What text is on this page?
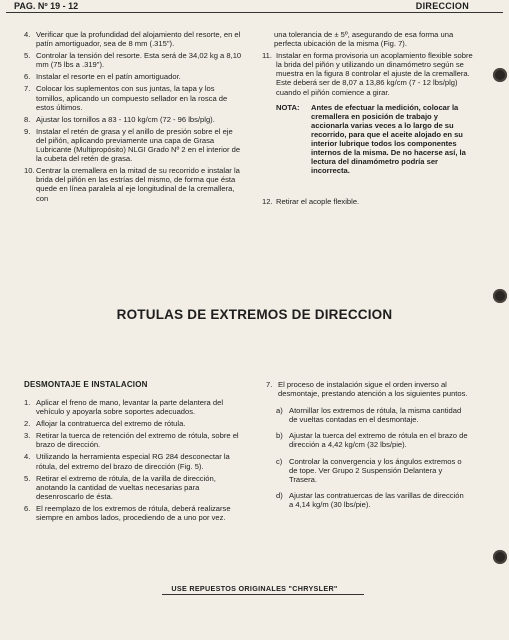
PAG. Nº 19 - 12	DIRECCION
4. Verificar que la profundidad del alojamiento del resorte, en el patín amortiguador, sea de 8 mm (.315").
5. Controlar la tensión del resorte. Esta será de 34,02 kg a 8,10 mm (75 lbs a .319").
6. Instalar el resorte en el patín amortiguador.
7. Colocar los suplementos con sus juntas, la tapa y los tornillos, aplicando un compuesto sellador en la rosca de estos últimos.
8. Ajustar los tornillos a 83 - 110 kg/cm (72 - 96 lbs/plg).
9. Instalar el retén de grasa y el anillo de presión sobre el eje del piñón, aplicando previamente una capa de Grasa Lubricante (Multipropósito) NLGI Grado Nº 2 en el interior de la cubeta del retén de grasa.
10. Centrar la cremallera en la mitad de su recorrido e instalar la brida del piñón en las estrías del mismo, de forma que ésta quede en línea paralela al eje longitudinal de la cremallera, con
una tolerancia de ± 5º, asegurando de esa forma una perfecta ubicación de la misma (Fig. 7).
11. Instalar en forma provisoria un acoplamiento flexible sobre la brida del piñón y utilizando un dinamómetro según se muestra en la figura 8 controlar el ajuste de la cremallera. Este deberá ser de 8,07 a 13,86 kg/cm (7 - 12 lbs/plg) cuando el piñón comience a girar.
NOTA:	Antes de efectuar la medición, colocar la cremallera en posición de trabajo y accionarla varias veces a lo largo de su recorrido, para que el aceite alojado en su interior lubrique todos los componentes internos de la misma. De no hacerse así, la lectura del dinamómetro podría ser incorrecta.
12. Retirar el acople flexible.
ROTULAS DE EXTREMOS DE DIRECCION
DESMONTAJE E INSTALACION
1. Aplicar el freno de mano, levantar la parte delantera del vehículo y apoyarla sobre soportes adecuados.
2. Aflojar la contratuerca del extremo de rótula.
3. Retirar la tuerca de retención del extremo de rótula, sobre el brazo de dirección.
4. Utilizando la herramienta especial RG 284 desconectar la rótula, del extremo del brazo de dirección (Fig. 5).
5. Retirar el extremo de rótula, de la varilla de dirección, anotando la cantidad de vueltas necesarias para desenroscarlo de ésta.
6. El reemplazo de los extremos de rótula, deberá realizarse siempre en ambos lados, procediendo de a uno por vez.
7. El proceso de instalación sigue el orden inverso al desmontaje, prestando atención a los siguientes puntos.
a) Atornillar los extremos de rótula, la misma cantidad de vueltas contadas en el desmontaje.
b) Ajustar la tuerca del extremo de rótula en el brazo de dirección a 4,42 kg/cm (32 lbs/pie).
c) Controlar la convergencia y los ángulos extremos o de tope. Ver Grupo 2 Suspensión Delantera y Trasera.
d) Ajustar las contratuercas de las varillas de dirección a 4,14 kg/m (30 lbs/pie).
USE REPUESTOS ORIGINALES "CHRYSLER"
